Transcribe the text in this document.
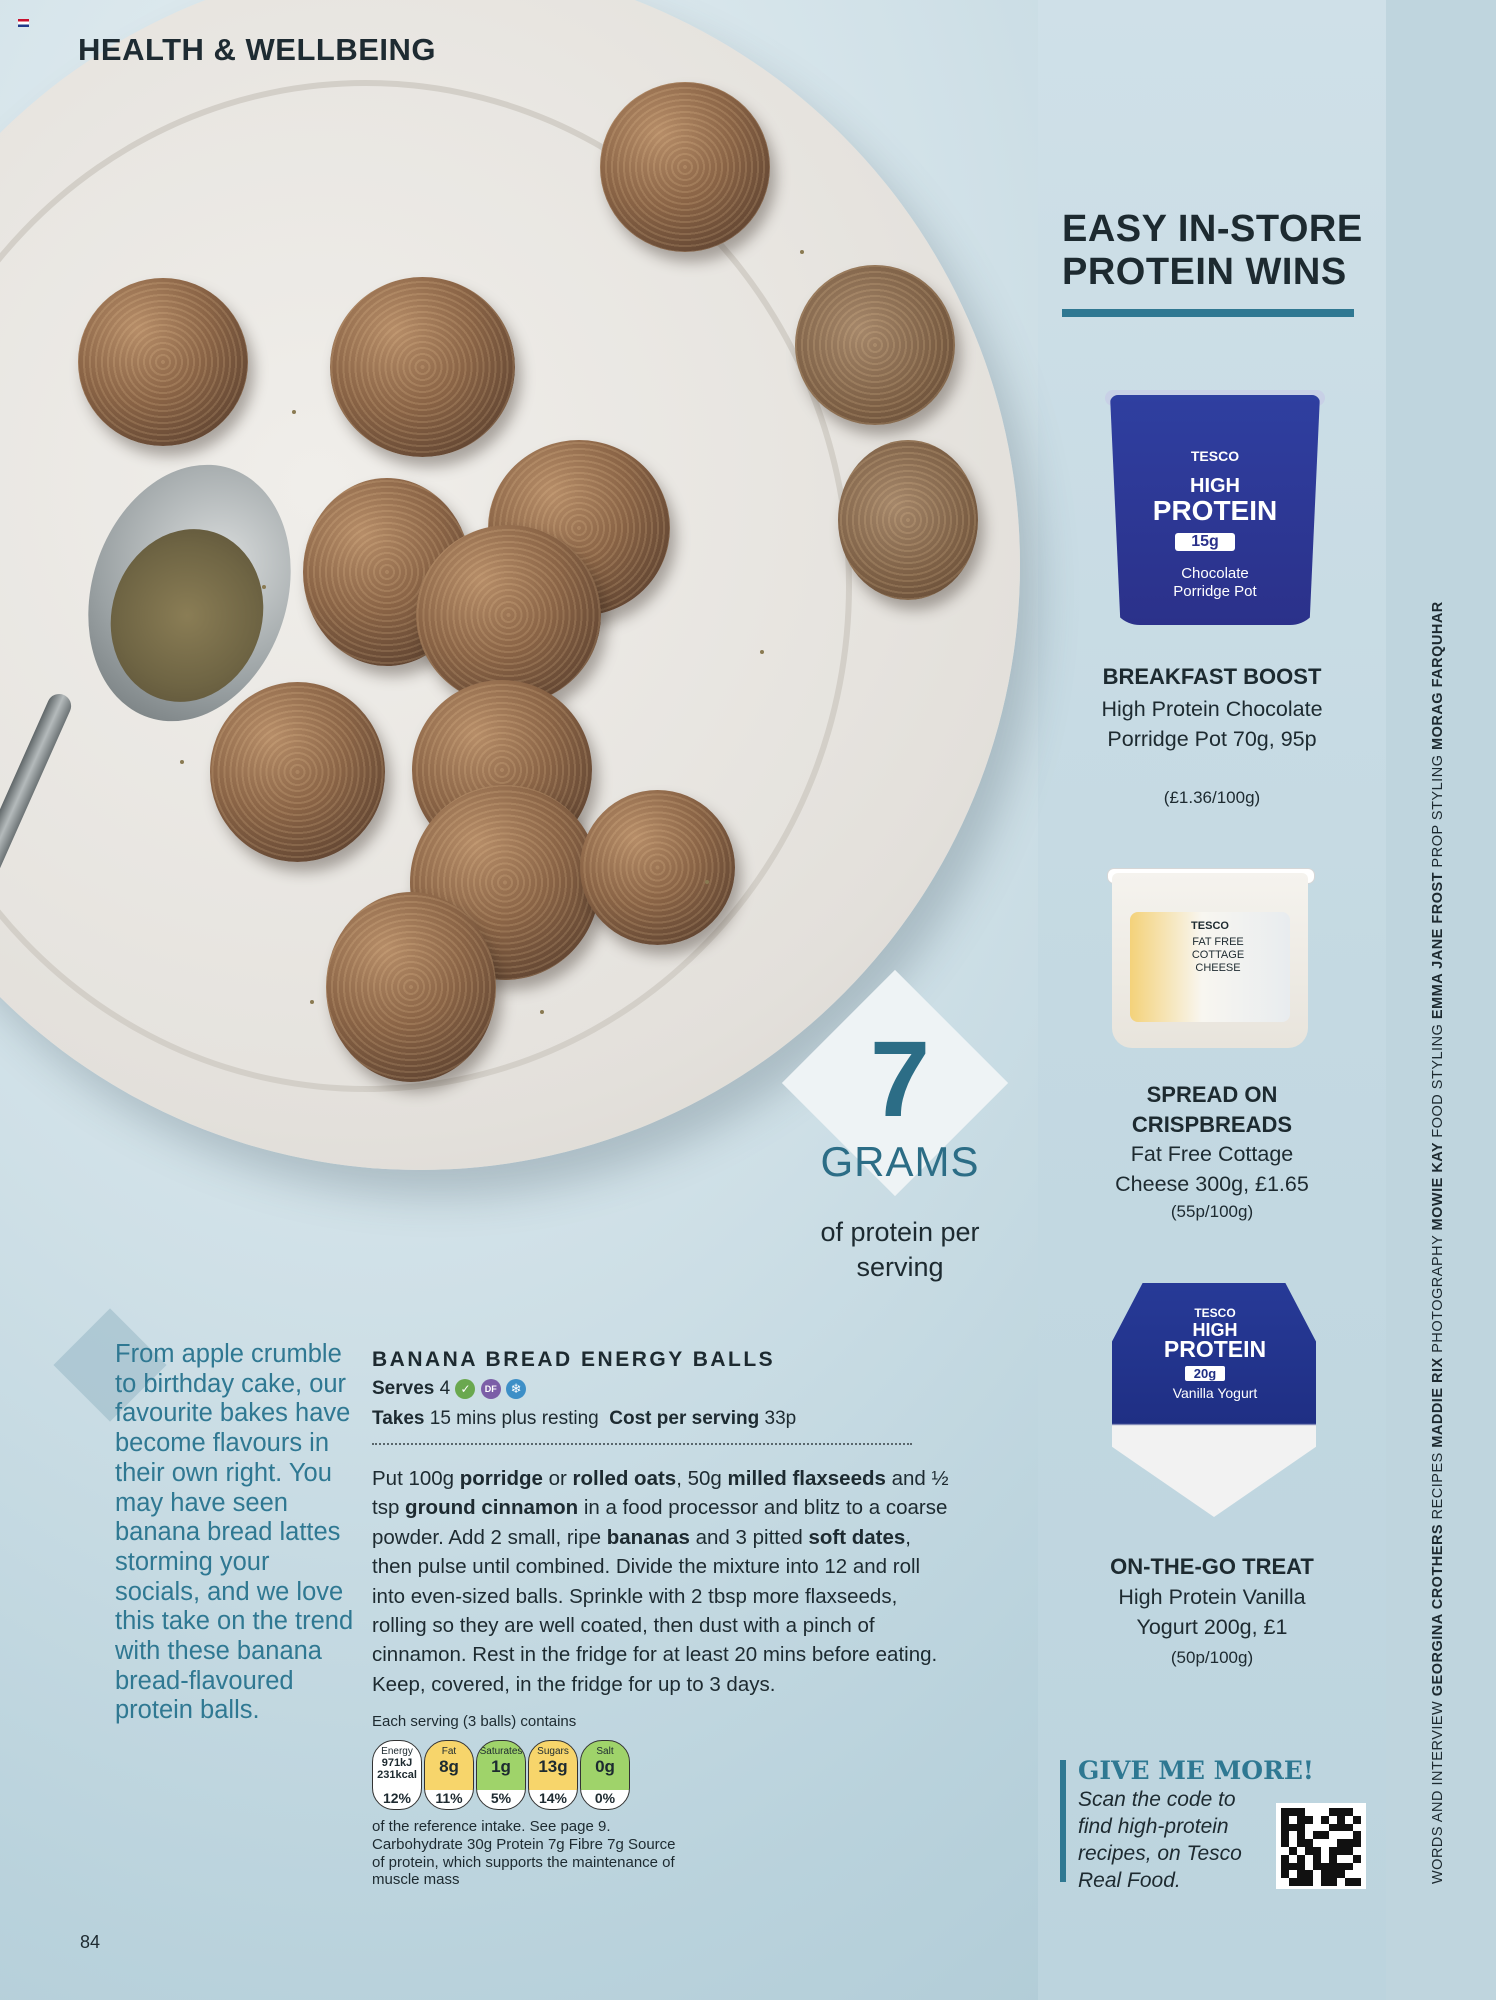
HEALTH & WELLBEING
7
GRAMS
of protein per serving
From apple crumble to birthday cake, our favourite bakes have become flavours in their own right. You may have seen banana bread lattes storming your socials, and we love this take on the trend with these banana bread-flavoured protein balls.
BANANA BREAD ENERGY BALLS
Serves 4 ✓ DF ❄
Takes 15 mins plus resting Cost per serving 33p
Put 100g porridge or rolled oats, 50g milled flaxseeds and ½ tsp ground cinnamon in a food processor and blitz to a coarse powder. Add 2 small, ripe bananas and 3 pitted soft dates, then pulse until combined. Divide the mixture into 12 and roll into even-sized balls. Sprinkle with 2 tbsp more flaxseeds, rolling so they are well coated, then dust with a pinch of cinnamon. Rest in the fridge for at least 20 mins before eating. Keep, covered, in the fridge for up to 3 days.
Each serving (3 balls) contains
Energy
971kJ 231kcal
12%
Fat
8g
11%
Saturates
1g
5%
Sugars
13g
14%
Salt
0g
0%
of the reference intake. See page 9. Carbohydrate 30g Protein 7g Fibre 7g Source of protein, which supports the maintenance of muscle mass
84
EASY IN-STORE
PROTEIN WINS
TESCO
HIGH
PROTEIN
15g
Chocolate Porridge Pot
BREAKFAST BOOST
High Protein Chocolate Porridge Pot 70g, 95p
(£1.36/100g)
TESCO
FAT FREE COTTAGE CHEESE
SPREAD ON
CRISPBREADS
Fat Free Cottage Cheese 300g, £1.65
(55p/100g)
TESCO
HIGH
PROTEIN
20g
Vanilla Yogurt
ON-THE-GO TREAT
High Protein Vanilla Yogurt 200g, £1
(50p/100g)
GIVE ME MORE!
Scan the code to find high-protein recipes, on Tesco Real Food.	WORDS AND INTERVIEW GEORGINA CROTHERS RECIPES MADDIE RIX PHOTOGRAPHY MOWIE KAY FOOD STYLING EMMA JANE FROST PROP STYLING MORAG FARQUHAR
